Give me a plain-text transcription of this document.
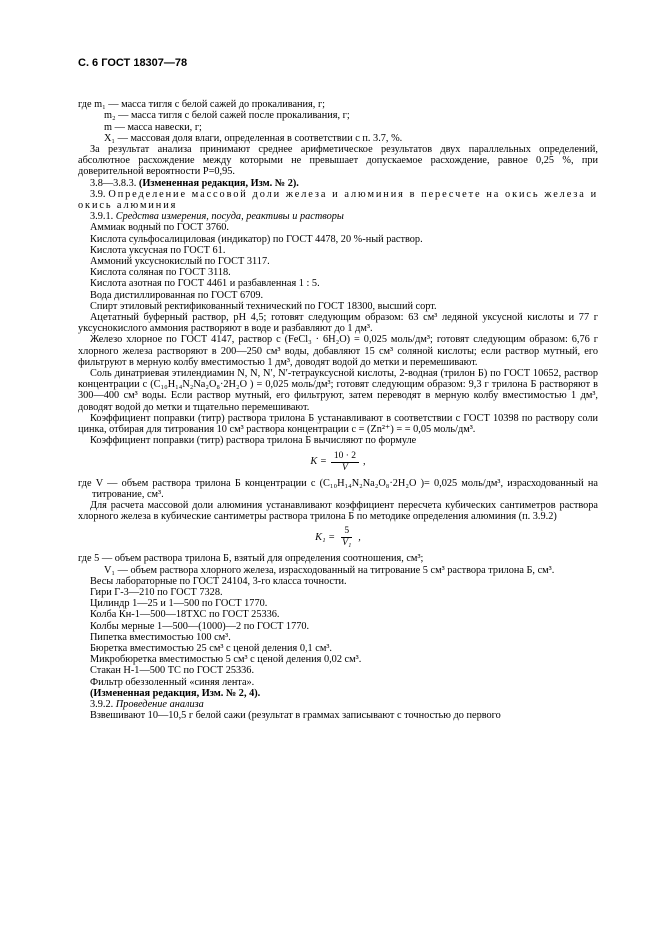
С. 6 ГОСТ 18307—78

где m₁ — масса тигля с белой сажей до прокаливания, г;

m₂ — масса тигля с белой сажей после прокаливания, г;

m — масса навески, г;

X₁ — массовая доля влаги, определенная в соответствии с п. 3.7, %.

За результат анализа принимают среднее арифметическое результатов двух параллельных определений, абсолютное расхождение между которыми не превышает допускаемое расхождение, равное 0,25 %, при доверительной вероятности P=0,95.

3.8—3.8.3. (Измененная редакция, Изм. № 2).

3.9. Определение массовой доли железа и алюминия в пересчете на окись железа и окись алюминия

3.9.1. Средства измерения, посуда, реактивы и растворы

Аммиак водный по ГОСТ 3760.

Кислота сульфосалициловая (индикатор) по ГОСТ 4478, 20 %-ный раствор.

Кислота уксусная по ГОСТ 61.

Аммоний уксуснокислый по ГОСТ 3117.

Кислота соляная по ГОСТ 3118.

Кислота азотная по ГОСТ 4461 и разбавленная 1 : 5.

Вода дистиллированная по ГОСТ 6709.

Спирт этиловый ректификованный технический по ГОСТ 18300, высший сорт.

Ацетатный буферный раствор, pH 4,5; готовят следующим образом: 63 см³ ледяной уксусной кислоты и 77 г уксуснокислого аммония растворяют в воде и разбавляют до 1 дм³.

Железо хлорное по ГОСТ 4147, раствор c (FeCl₃ · 6H₂O) = 0,025 моль/дм³; готовят следующим образом: 6,76 г хлорного железа растворяют в 200—250 см³ воды, добавляют 15 см³ соляной кислоты; если раствор мутный, его фильтруют в мерную колбу вместимостью 1 дм³, доводят водой до метки и перемешивают.

Соль динатриевая этилендиамин N, N, N′, N′-тетрауксусной кислоты, 2-водная (трилон Б) по ГОСТ 10652, раствор концентрации c (C₁₀H₁₄N₂Na₂O₈·2H₂O ) = 0,025 моль/дм³; готовят следующим образом: 9,3 г трилона Б растворяют в 300—400 см³ воды. Если раствор мутный, его фильтруют, затем переводят в мерную колбу вместимостью 1 дм³, доводят водой до метки и тщательно перемешивают.

Коэффициент поправки (титр) раствора трилона Б устанавливают в соответствии с ГОСТ 10398 по раствору соли цинка, отбирая для титрования 10 см³ раствора концентрации c = (Zn²⁺) = = 0,05 моль/дм³.

Коэффициент поправки (титр) раствора трилона Б вычисляют по формуле

$K = \frac{10 \cdot 2}{V}$ ,

где V — объем раствора трилона Б концентрации c (C₁₀H₁₄N₂Na₂O₈·2H₂O )= 0,025 моль/дм³, израсходованный на титрование, см³.

Для расчета массовой доли алюминия устанавливают коэффициент пересчета кубических сантиметров раствора хлорного железа в кубические сантиметры раствора трилона Б по методике определения алюминия (п. 3.9.2)

$K_1 = \frac{5}{\text{V₁}}$ ,

где 5 — объем раствора трилона Б, взятый для определения соотношения, см³;

V₁ — объем раствора хлорного железа, израсходованный на титрование 5 см³ раствора трилона Б, см³.

Весы лабораторные по ГОСТ 24104, 3-го класса точности.

Гири Г-3—210 по ГОСТ 7328.

Цилиндр 1—25 и 1—500 по ГОСТ 1770.

Колба Кн-1—500—18ТХС по ГОСТ 25336.

Колбы мерные 1—500—(1000)—2 по ГОСТ 1770.

Пипетка вместимостью 100 см³.

Бюретка вместимостью 25 см³ с ценой деления 0,1 см³.

Микробюретка вместимостью 5 см³ с ценой деления 0,02 см³.

Стакан Н-1—500 ТС по ГОСТ 25336.

Фильтр обеззоленный «синяя лента».

(Измененная редакция, Изм. № 2, 4).

3.9.2. Проведение анализа

Взвешивают 10—10,5 г белой сажи (результат в граммах записывают с точностью до первого
